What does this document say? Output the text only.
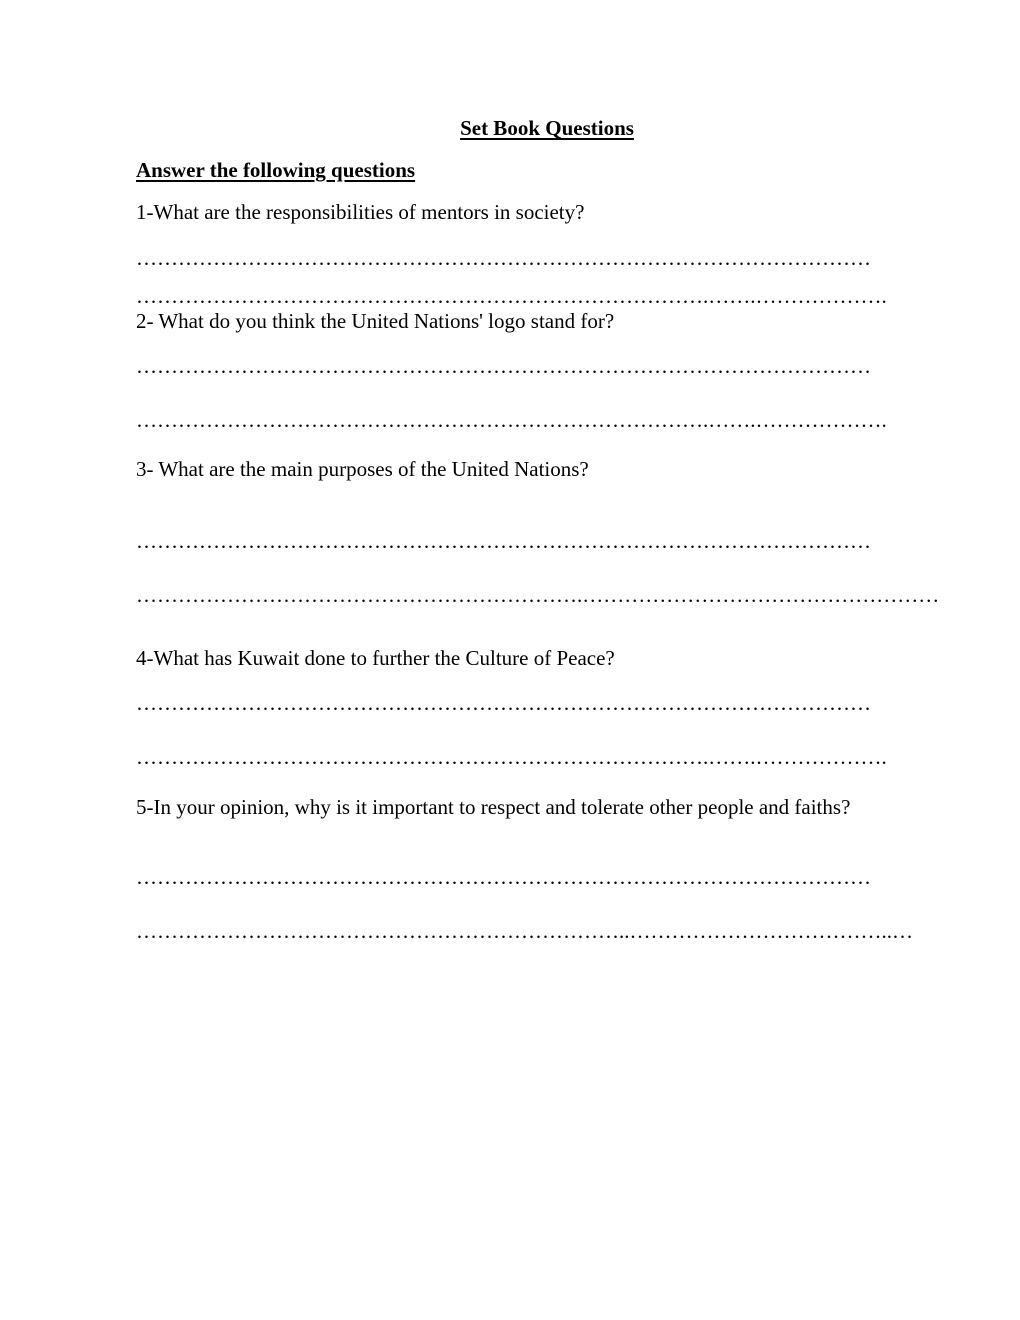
Set Book Questions
Answer the following questions
1-What are the responsibilities of mentors in society?
……………………………………………………………………………………………
……………………………………………………………………….…….……………….
2- What do you think the United Nations' logo stand for?
……………………………………………………………………………………………
……………………………………………………………………….…….……………….
3- What are the main purposes of the United Nations?
……………………………………………………………………………………………
……………………………………………………….……………………………………………
4-What has Kuwait done to further the Culture of Peace?
……………………………………………………………………………………………
……………………………………………………………………….…….……………….
5-In your opinion, why is it important to respect and tolerate other people and faiths?
……………………………………………………………………………………………
……………………………………………………………..………………………………..…
